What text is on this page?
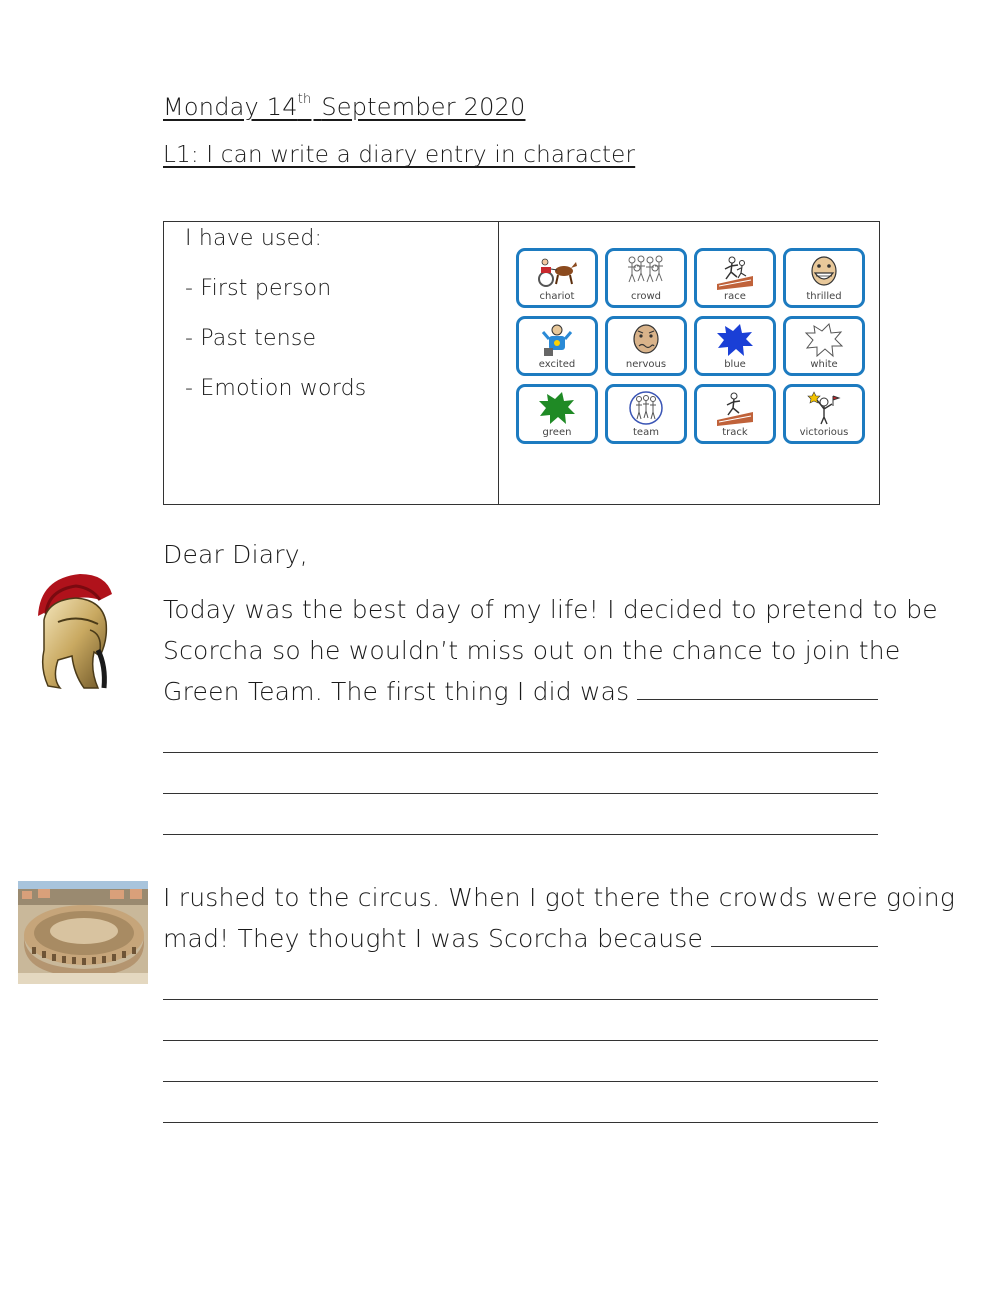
Monday 14th September 2020
L1: I can write a diary entry in character
I have used:
- First person
- Past tense
- Emotion words
chariot	crowd	race	thrilled
excited	nervous	blue	white
green	team	track	victorious
Dear Diary,
Today was the best day of my life! I decided to pretend to be
Scorcha so he wouldn’t miss out on the chance to join the
Green Team. The first thing I did was
I rushed to the circus. When I got there the crowds were going
mad! They thought I was Scorcha because
